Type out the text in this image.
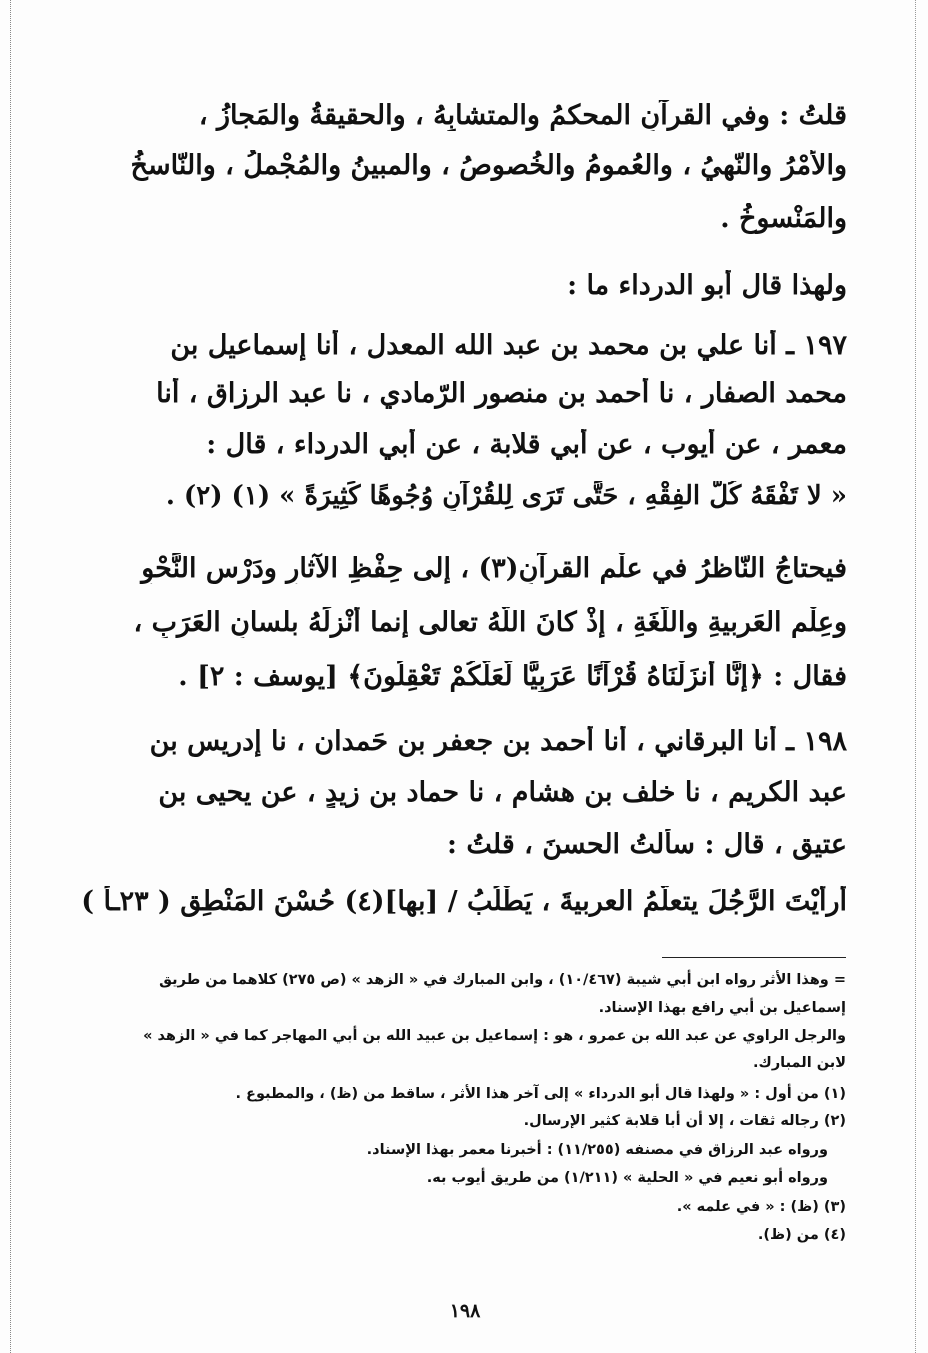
قلتُ : وفي القرآنِ المحكمُ والمتشابِهُ ، والحقيقةُ والمَجازُ ،
والأمْرُ والنّهيُ ، والعُمومُ والخُصوصُ ، والمبينُ والمُجْملُ ، والنّاسخُ
والمَنْسوخُ .
ولهذا قال أبو الدرداء ما :
١٩٧ ـ أنا علي بن محمد بن عبد الله المعدل ، أنا إسماعيل بن
محمد الصفار ، نا أحمد بن منصور الرّمادي ، نا عبد الرزاق ، أنا
معمر ، عن أيوب ، عن أبي قلابة ، عن أبي الدرداء ، قال :
« لا تَفْقَهُ كُلَّ الفِقْهِ ، حَتَّى تَرَى لِلقُرْآنِ وُجُوهًا كَثِيرَةً » (١) (٢) .
فيحتاجُ النّاظرُ في علْمِ القرآنِ(٣) ، إلى حِفْظِ الآثارِ ودَرْسِ النَّحْوِ
وعِلْمِ العَربيةِ واللُّغَةِ ، إذْ كانَ اللَّهُ تعالى إنما أنْزلَهُ بلسانِ العَرَبِ ،
فقال : ﴿إِنَّا أَنزَلْنَاهُ قُرْآنًا عَرَبِيًّا لَّعَلَّكُمْ تَعْقِلُونَ﴾ [يوسف : ٢] .
١٩٨ ـ أنا البرقاني ، أنا أحمد بن جعفر بن حَمدان ، نا إدريس بن
عبد الكريم ، نا خلف بن هشام ، نا حماد بن زيدٍ ، عن يحيى بن
عتيقٍ ، قال : سألتُ الحسنَ ، قلتُ :
أرأيْتَ الرَّجُلَ يتعلّمُ العربيةَ ، يَطْلُبُ / [بها](٤) حُسْنَ المَنْطِقِ ( ٢٣ـأ )
= وهذا الأثر رواه ابن أبي شيبة (١٠/٤٦٧) ، وابن المبارك في « الزهد » (ص ٢٧٥) كلاهما من طريق
إسماعيل بن أبي رافع بهذا الإسناد.
والرجل الراوي عن عبد الله بن عمرو ، هو : إسماعيل بن عبيد الله بن أبي المهاجر كما في « الزهد »
لابن المبارك.
(١) من أول : « ولهذا قال أبو الدرداء » إلى آخر هذا الأثر ، ساقط من (ظ) ، والمطبوع .
(٢) رجاله ثقات ، إلا أن أبا قلابة كثير الإرسال.
ورواه عبد الرزاق في مصنفه (١١/٢٥٥) : أخبرنا معمر بهذا الإسناد.
ورواه أبو نعيم في « الحلية » (١/٢١١) من طريق أيوب به.
(٣) (ظ) : « في علمه ».
(٤) من (ظ).
١٩٨
